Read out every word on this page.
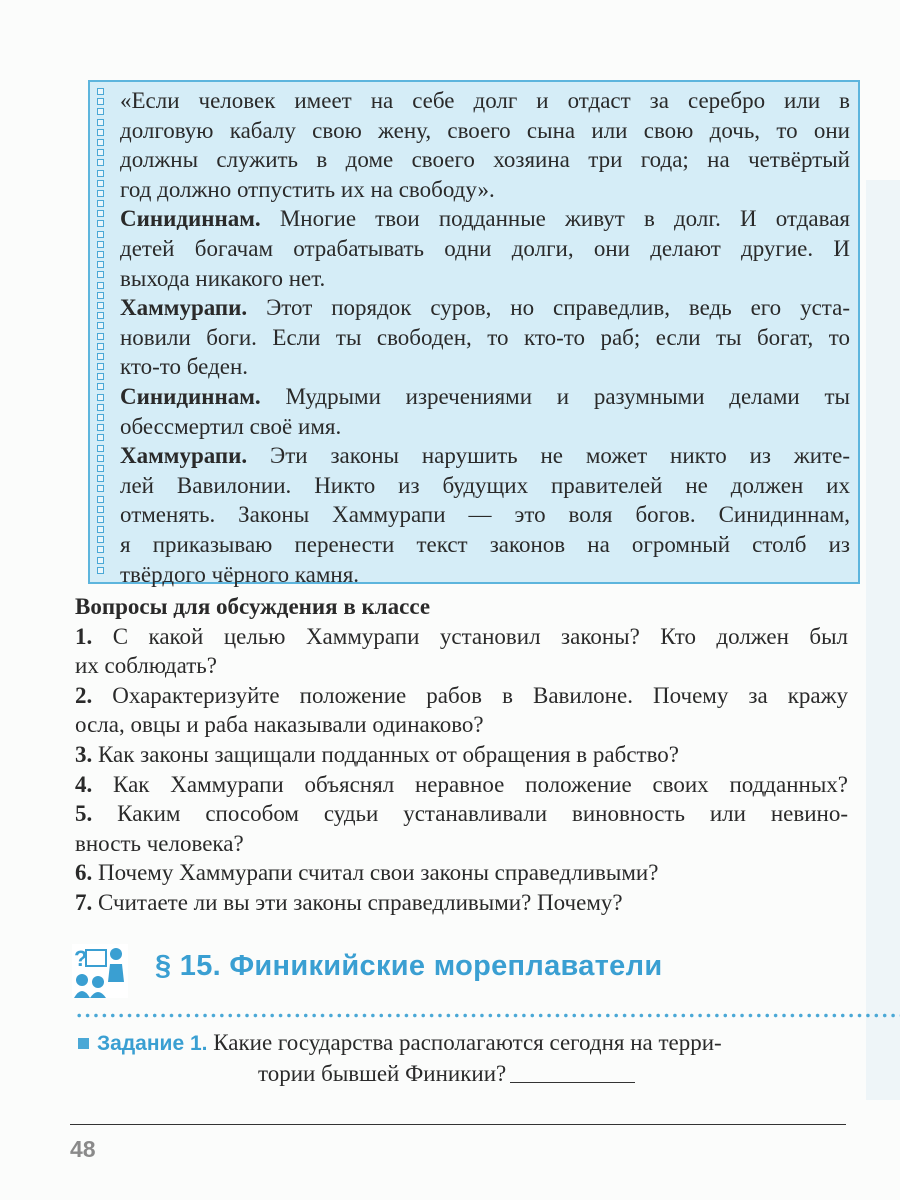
«Если человек имеет на себе долг и отдаст за серебро или в
долговую кабалу свою жену, своего сына или свою дочь, то они
должны служить в доме своего хозяина три года; на четвёртый
год должно отпустить их на свободу».
Синидиннам. Многие твои подданные живут в долг. И отдавая
детей богачам отрабатывать одни долги, они делают другие. И
выхода никакого нет.
Хаммурапи. Этот порядок суров, но справедлив, ведь его уста-
новили боги. Если ты свободен, то кто-то раб; если ты богат, то
кто-то беден.
Синидиннам. Мудрыми изречениями и разумными делами ты
обессмертил своё имя.
Хаммурапи. Эти законы нарушить не может никто из жите-
лей Вавилонии. Никто из будущих правителей не должен их
отменять. Законы Хаммурапи — это воля богов. Синидиннам,
я приказываю перенести текст законов на огромный столб из
твёрдого чёрного камня.
Вопросы для обсуждения в классе
1. С какой целью Хаммурапи установил законы? Кто должен был
их соблюдать?
2. Охарактеризуйте положение рабов в Вавилоне. Почему за кражу
осла, овцы и раба наказывали одинаково?
3. Как законы защищали подданных от обращения в рабство?
4. Как Хаммурапи объяснял неравное положение своих подданных?
5. Каким способом судьи устанавливали виновность или невино-
вность человека?
6. Почему Хаммурапи считал свои законы справедливыми?
7. Считаете ли вы эти законы справедливыми? Почему?
? § 15. Финикийские мореплаватели
Задание 1. Какие государства располагаются сегодня на терри-
тории бывшей Финикии?
48
